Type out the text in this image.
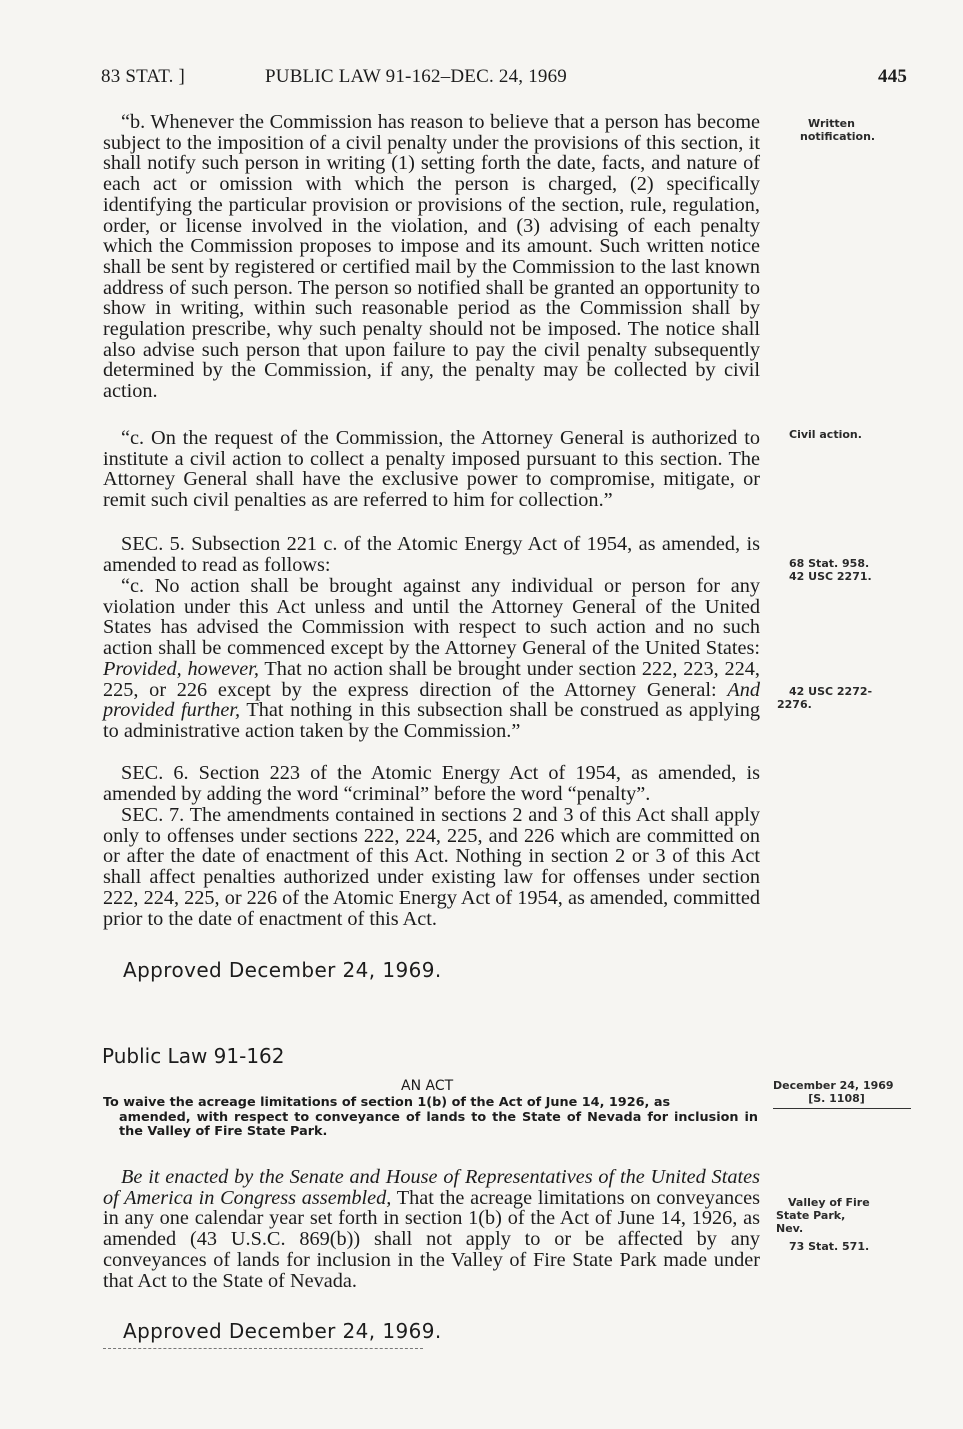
83 STAT. ]	PUBLIC LAW 91-162–DEC. 24, 1969	445

“b. Whenever the Commission has reason to believe that a person has become subject to the imposition of a civil penalty under the provisions of this section, it shall notify such person in writing (1) setting forth the date, facts, and nature of each act or omission with which the person is charged, (2) specifically identifying the particular provision or provisions of the section, rule, regulation, order, or license involved in the violation, and (3) advising of each penalty which the Commission proposes to impose and its amount. Such written notice shall be sent by registered or certified mail by the Commission to the last known address of such person. The person so notified shall be granted an opportunity to show in writing, within such reasonable period as the Commission shall by regulation prescribe, why such penalty should not be imposed. The notice shall also advise such person that upon failure to pay the civil penalty subsequently determined by the Commission, if any, the penalty may be collected by civil action.

“c. On the request of the Commission, the Attorney General is authorized to institute a civil action to collect a penalty imposed pursuant to this section. The Attorney General shall have the exclusive power to compromise, mitigate, or remit such civil penalties as are referred to him for collection.”

SEC. 5. Subsection 221 c. of the Atomic Energy Act of 1954, as amended, is amended to read as follows:

“c. No action shall be brought against any individual or person for any violation under this Act unless and until the Attorney General of the United States has advised the Commission with respect to such action and no such action shall be commenced except by the Attorney General of the United States: Provided, however, That no action shall be brought under section 222, 223, 224, 225, or 226 except by the express direction of the Attorney General: And provided further, That nothing in this subsection shall be construed as applying to administrative action taken by the Commission.”

SEC. 6. Section 223 of the Atomic Energy Act of 1954, as amended, is amended by adding the word “criminal” before the word “penalty”.

SEC. 7. The amendments contained in sections 2 and 3 of this Act shall apply only to offenses under sections 222, 224, 225, and 226 which are committed on or after the date of enactment of this Act. Nothing in section 2 or 3 of this Act shall affect penalties authorized under existing law for offenses under section 222, 224, 225, or 226 of the Atomic Energy Act of 1954, as amended, committed prior to the date of enactment of this Act.

Approved December 24, 1969.
Public Law 91-162
AN ACT
To waive the acreage limitations of section 1(b) of the Act of June 14, 1926, as
amended, with respect to conveyance of lands to the State of Nevada for inclusion in the Valley of Fire State Park.

Be it enacted by the Senate and House of Representatives of the United States of America in Congress assembled, That the acreage limitations on conveyances in any one calendar year set forth in section 1(b) of the Act of June 14, 1926, as amended (43 U.S.C. 869(b)) shall not apply to or be affected by any conveyances of lands for inclusion in the Valley of Fire State Park made under that Act to the State of Nevada.

Approved December 24, 1969.
Written
notification.
Civil action.
68 Stat. 958.
42 USC 2271.
42 USC 2272-
2276.
December 24, 1969
[S. 1108]
Valley of Fire
State Park,
Nev.
73 Stat. 571.
